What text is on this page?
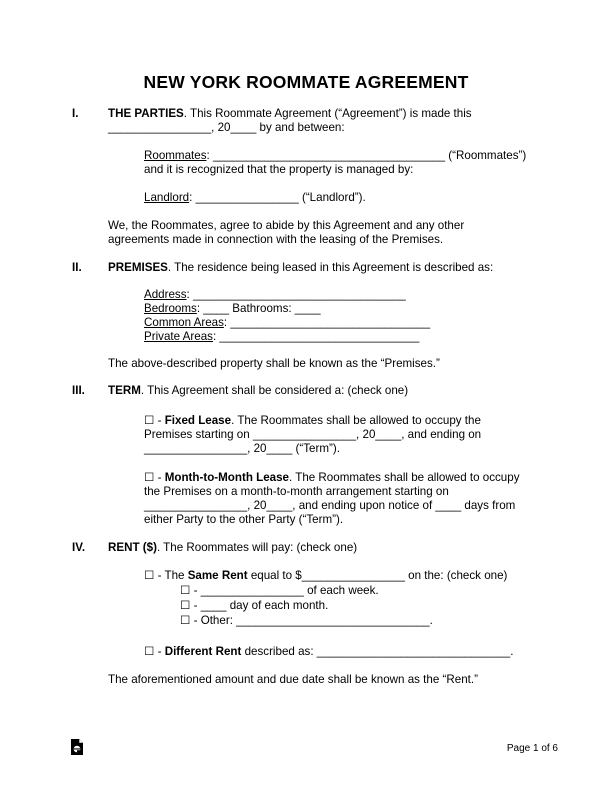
NEW YORK ROOMMATE AGREEMENT
I.	THE PARTIES. This Roommate Agreement (“Agreement”) is made this
________________, 20____ by and between:
Roommates: ____________________________________ (“Roommates”)
and it is recognized that the property is managed by:
Landlord: ________________ (“Landlord”).
We, the Roommates, agree to abide by this Agreement and any other
agreements made in connection with the leasing of the Premises.
II. PREMISES. The residence being leased in this Agreement is described as:
Address: _________________________________
Bedrooms: ____ Bathrooms: ____
Common Areas: _______________________________
Private Areas: _______________________________
The above-described property shall be known as the “Premises.”
III. TERM. This Agreement shall be considered a: (check one)
☐ - Fixed Lease. The Roommates shall be allowed to occupy the
Premises starting on ________________, 20____, and ending on
________________, 20____ (“Term”).
☐ - Month-to-Month Lease. The Roommates shall be allowed to occupy
the Premises on a month-to-month arrangement starting on
________________, 20____, and ending upon notice of ____ days from
either Party to the other Party (“Term”).
IV. RENT ($). The Roommates will pay: (check one)
☐ - The Same Rent equal to $________________ on the: (check one)
☐ - ________________ of each week.
☐ - ____ day of each month.
☐ - Other: ______________________________.
☐ - Different Rent described as: ______________________________.
The aforementioned amount and due date shall be known as the “Rent.”
Page 1 of 6
